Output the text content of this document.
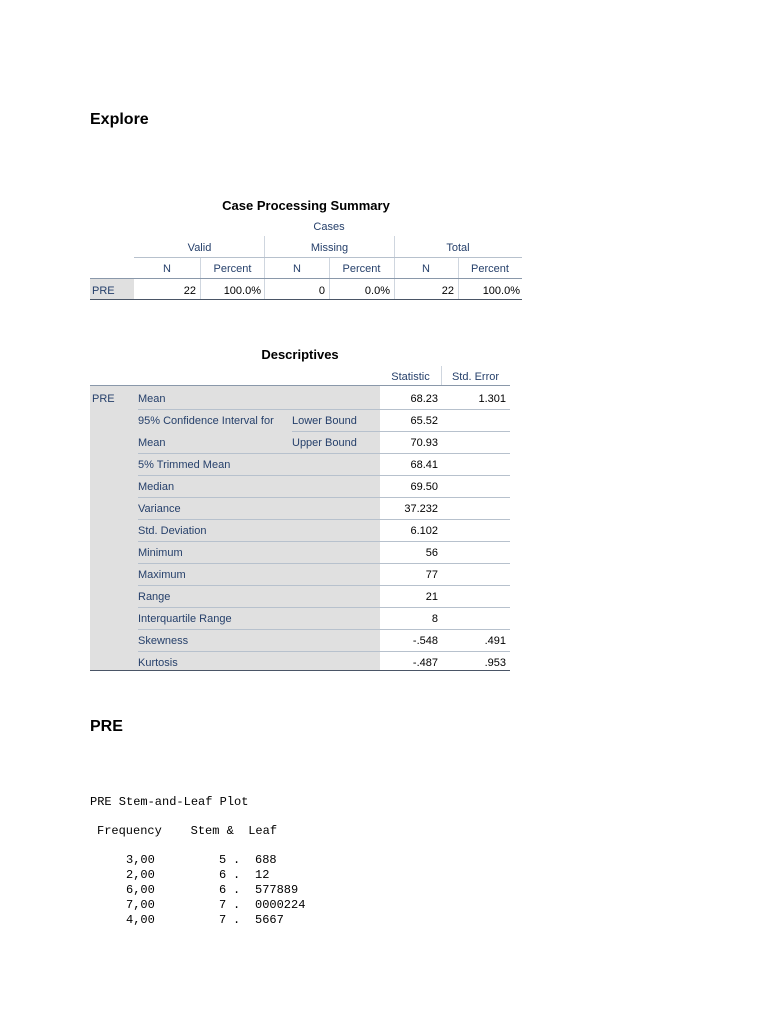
Explore
Case Processing Summary
Cases
Valid	Missing	Total
N	Percent	N	Percent	N	Percent
PRE	22	100.0%	0	0.0%	22	100.0%
Descriptives
Statistic	Std. Error
PRE Mean	68.23	1.301
95% Confidence Interval for Lower Bound	65.52
Mean	Upper Bound	70.93
5% Trimmed Mean	68.41
Median	69.50
Variance	37.232
Std. Deviation	6.102
Minimum	56
Maximum	77
Range	21
Interquartile Range	8
Skewness	-.548	.491
Kurtosis	-.487	.953
PRE
PRE Stem-and-Leaf Plot
Frequency    Stem &  Leaf
3,00	5 . 688
2,00	6 . 12
6,00	6 . 577889
7,00	7 . 0000224
4,00	7 . 5667
